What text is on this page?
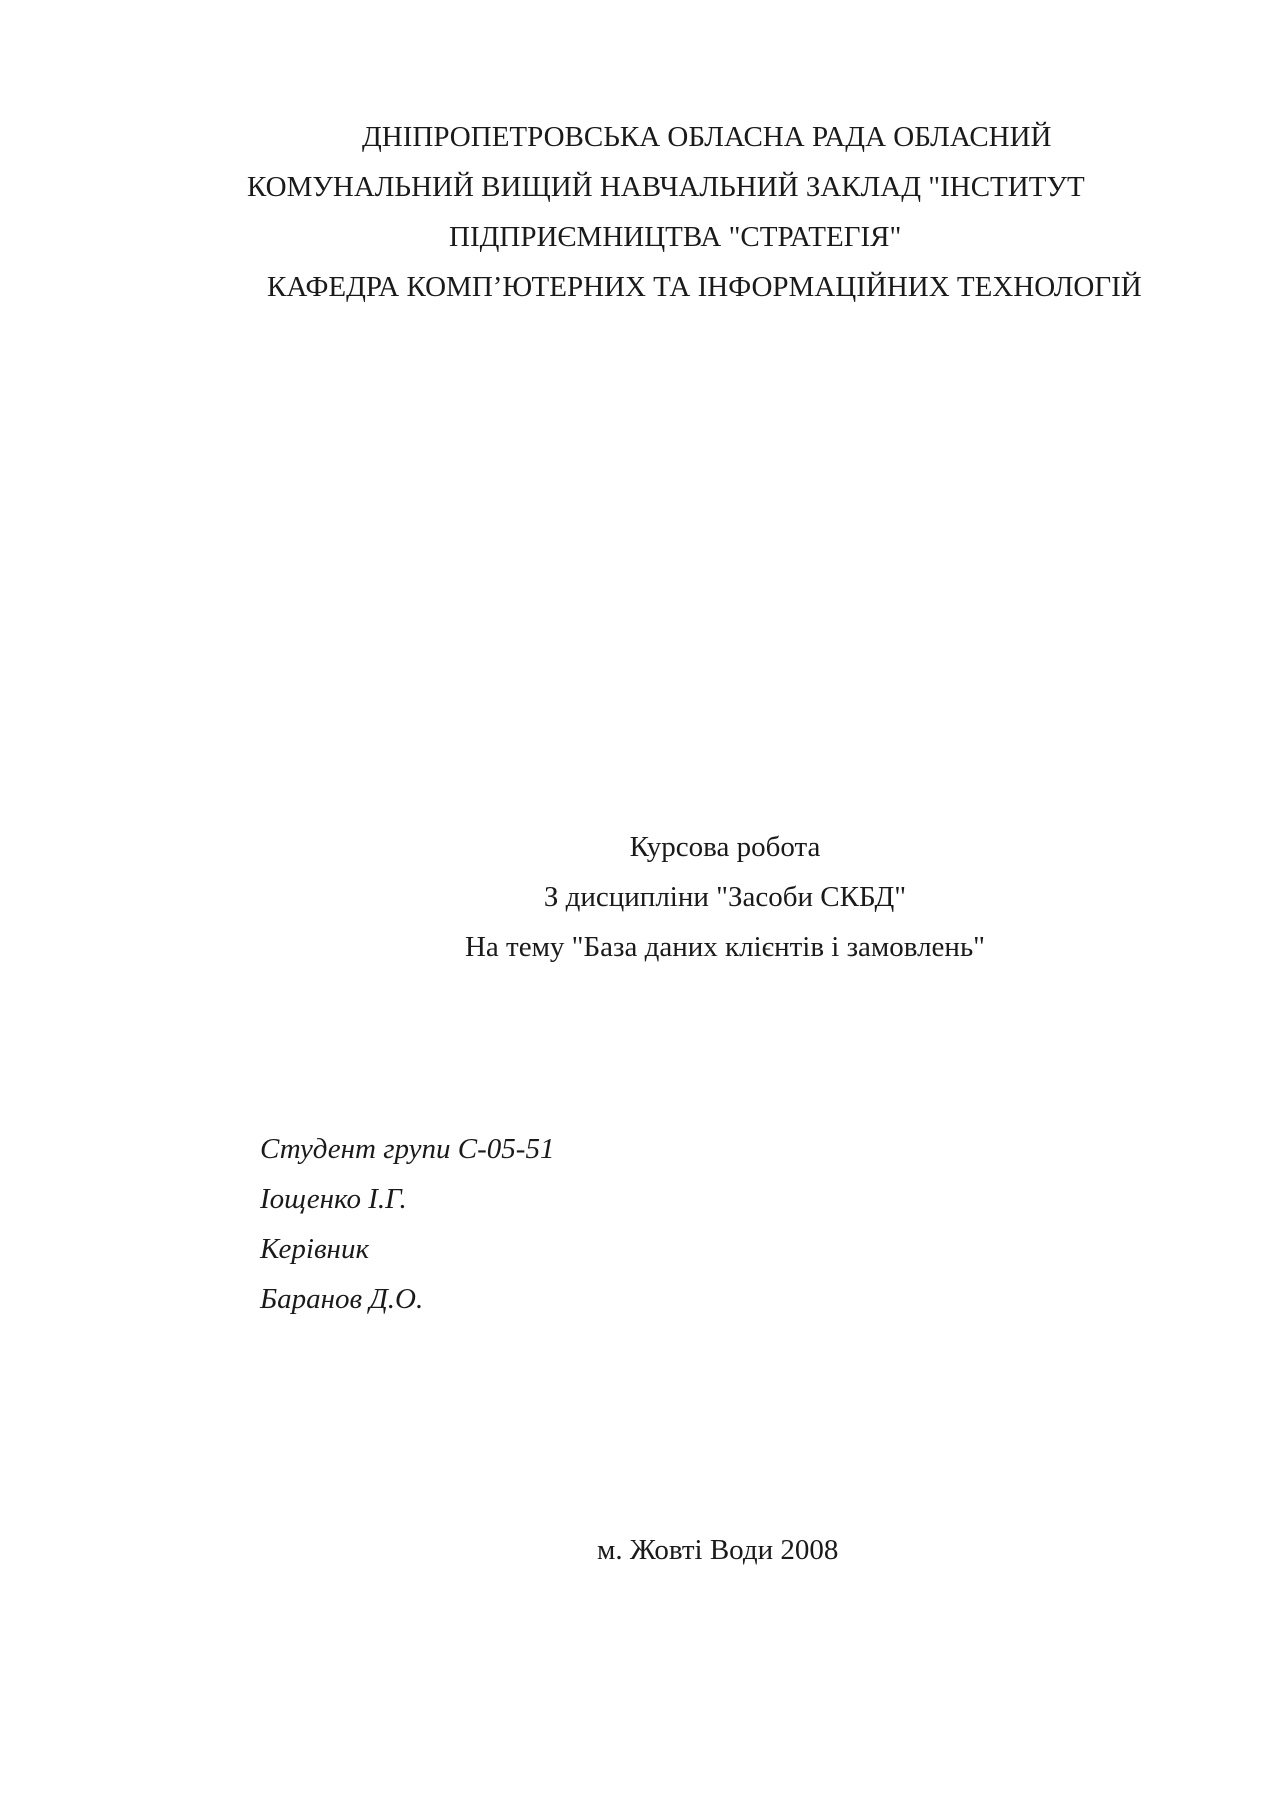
ДНІПРОПЕТРОВСЬКА ОБЛАСНА РАДА ОБЛАСНИЙ

КОМУНАЛЬНИЙ ВИЩИЙ НАВЧАЛЬНИЙ ЗАКЛАД "ІНСТИТУТ

ПІДПРИЄМНИЦТВА "СТРАТЕГІЯ"

КАФЕДРА КОМП’ЮТЕРНИХ ТА ІНФОРМАЦІЙНИХ ТЕХНОЛОГІЙ

Курсова робота

З дисципліни "Засоби СКБД"

На тему "База даних клієнтів і замовлень"

Студент групи С-05-51

Іощенко І.Г.

Керівник

Баранов Д.О.

м. Жовті Води 2008
